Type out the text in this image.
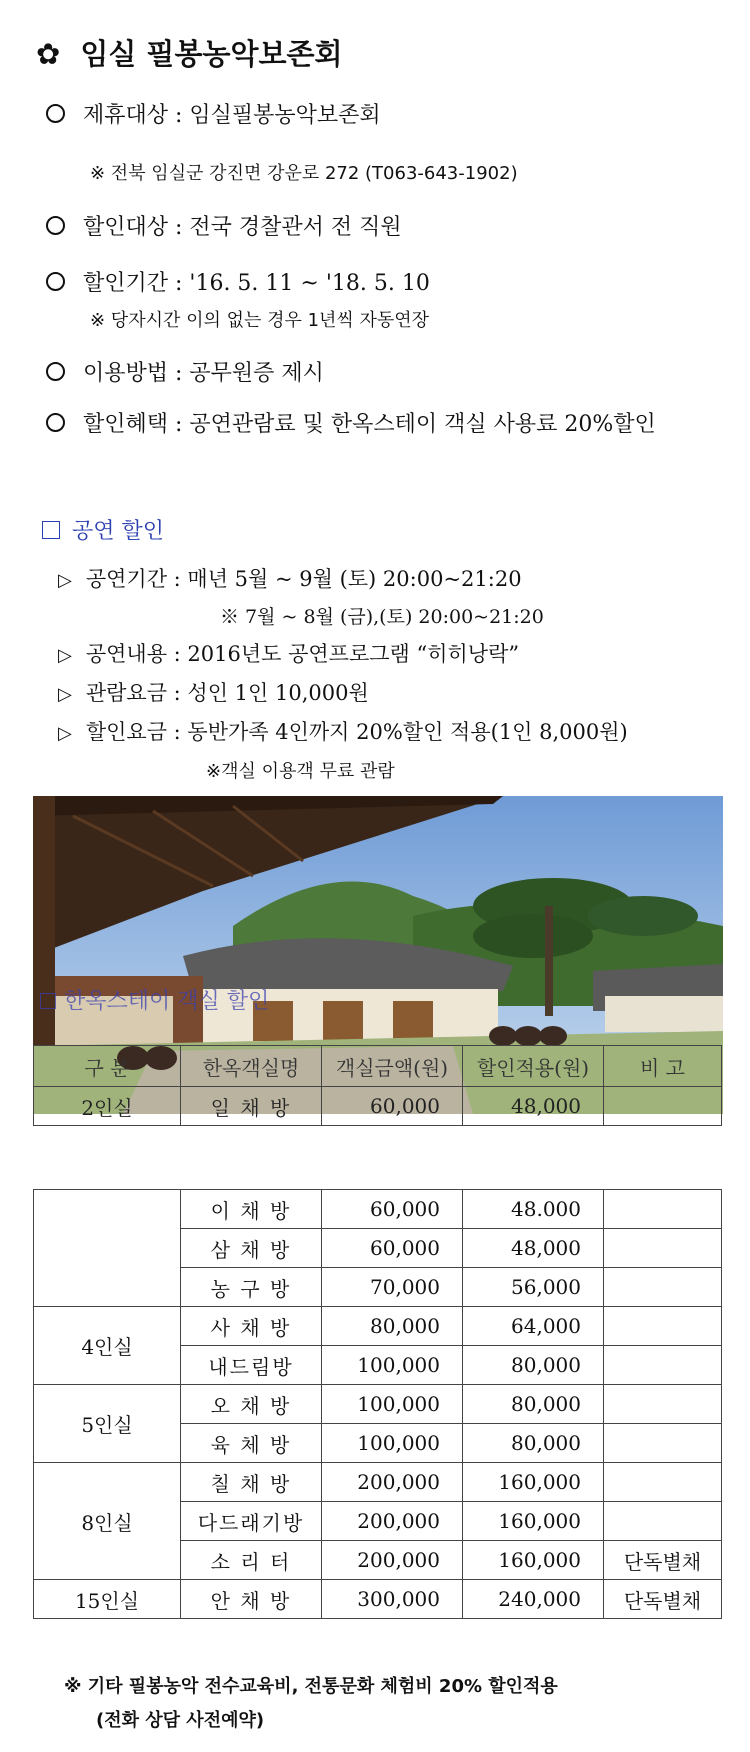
✿ 임실 필봉농악보존회
제휴대상 : 임실필봉농악보존회
※ 전북 임실군 강진면 강운로 272 (T063-643-1902)
할인대상 : 전국 경찰관서 전 직원
할인기간 : '16. 5. 11 ~ '18. 5. 10
※ 당자시간 이의 없는 경우 1년씩 자동연장
이용방법 : 공무원증 제시
할인혜택 : 공연관람료 및 한옥스테이 객실 사용료 20%할인
공연 할인
▷ 공연기간 : 매년 5월 ~ 9월 (토) 20:00~21:20
※ 7월 ~ 8월 (금),(토) 20:00~21:20
▷ 공연내용 : 2016년도 공연프로그램 “히히낭락”
▷ 관람요금 : 성인 1인 10,000원
▷ 할인요금 : 동반가족 4인까지 20%할인 적용(1인 8,000원)
※객실 이용객 무료 관람
한옥스테이 객실 할인
구 분	한옥객실명	객실금액(원)	할인적용(원)	비 고
2인실	일 채 방	60,000	48,000	
	이 채 방	60,000	48.000	
	삼 채 방	60,000	48,000	
	농 구 방	70,000	56,000	
4인실	사 채 방	80,000	64,000	
	내드림방	100,000	80,000	
5인실	오 채 방	100,000	80,000	
	육 체 방	100,000	80,000	
8인실	칠 채 방	200,000	160,000	
	다드래기방	200,000	160,000	
	소 리 터	200,000	160,000	단독별채
15인실	안 채 방	300,000	240,000	단독별채
※ 기타 필봉농악 전수교육비, 전통문화 체험비 20% 할인적용
(전화 상담 사전예약)
